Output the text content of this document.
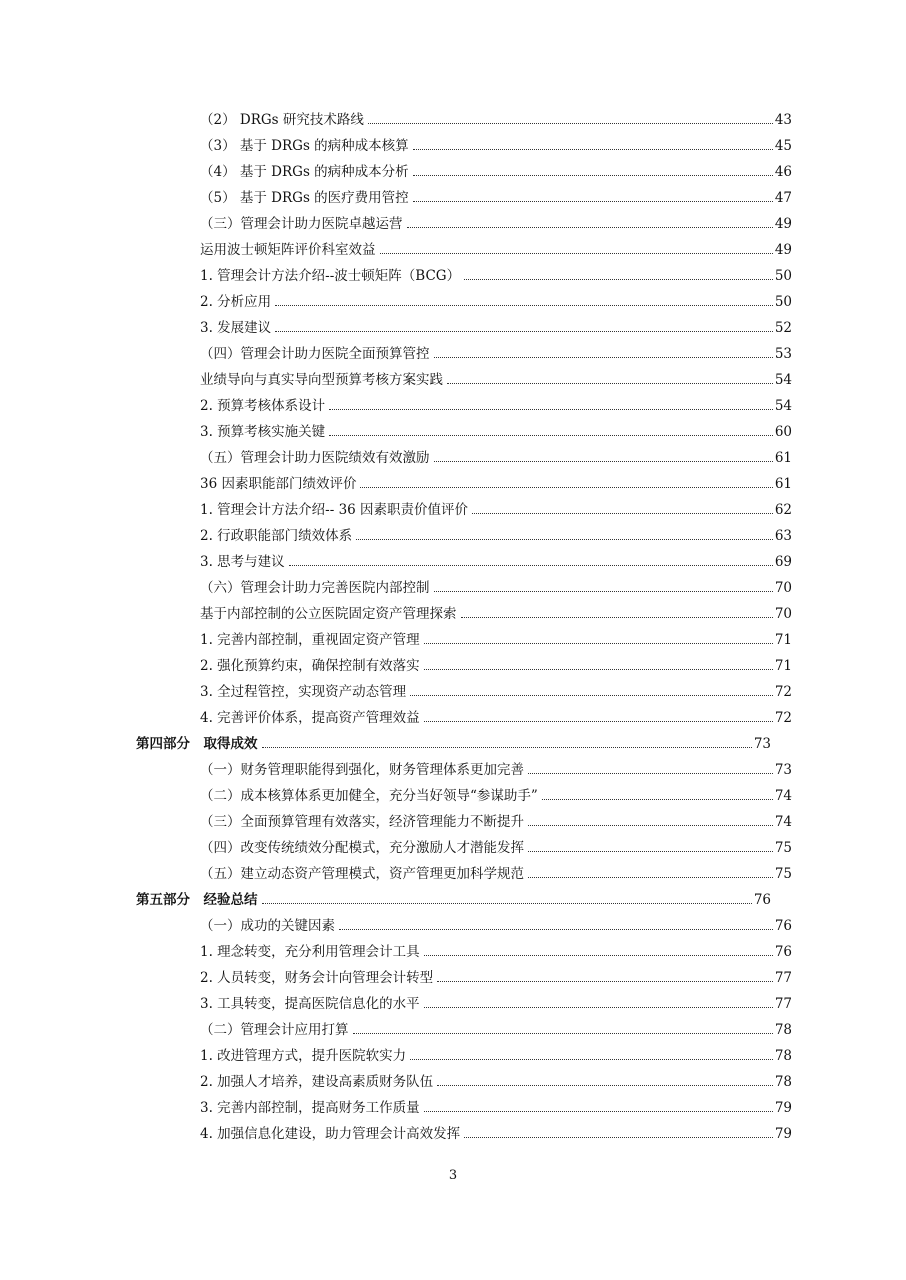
（2） DRGs 研究技术路线	43
（3） 基于 DRGs 的病种成本核算	45
（4） 基于 DRGs 的病种成本分析	46
（5） 基于 DRGs 的医疗费用管控	47
（三）管理会计助力医院卓越运营	49
运用波士顿矩阵评价科室效益	49
1. 管理会计方法介绍--波士顿矩阵（BCG）	50
2. 分析应用	50
3. 发展建议	52
（四）管理会计助力医院全面预算管控	53
业绩导向与真实导向型预算考核方案实践	54
2. 预算考核体系设计	54
3. 预算考核实施关键	60
（五）管理会计助力医院绩效有效激励	61
36 因素职能部门绩效评价	61
1. 管理会计方法介绍-- 36 因素职责价值评价	62
2. 行政职能部门绩效体系	63
3. 思考与建议	69
（六）管理会计助力完善医院内部控制	70
基于内部控制的公立医院固定资产管理探索	70
1. 完善内部控制，重视固定资产管理	71
2. 强化预算约束，确保控制有效落实	71
3. 全过程管控，实现资产动态管理	72
4. 完善评价体系，提高资产管理效益	72
第四部分　取得成效	73
（一）财务管理职能得到强化，财务管理体系更加完善	73
（二）成本核算体系更加健全，充分当好领导“参谋助手”	74
（三）全面预算管理有效落实，经济管理能力不断提升	74
（四）改变传统绩效分配模式，充分激励人才潜能发挥	75
（五）建立动态资产管理模式，资产管理更加科学规范	75
第五部分　经验总结	76
（一）成功的关键因素	76
1. 理念转变，充分利用管理会计工具	76
2. 人员转变，财务会计向管理会计转型	77
3. 工具转变，提高医院信息化的水平	77
（二）管理会计应用打算	78
1. 改进管理方式，提升医院软实力	78
2. 加强人才培养，建设高素质财务队伍	78
3. 完善内部控制，提高财务工作质量	79
4. 加强信息化建设，助力管理会计高效发挥	79
3
